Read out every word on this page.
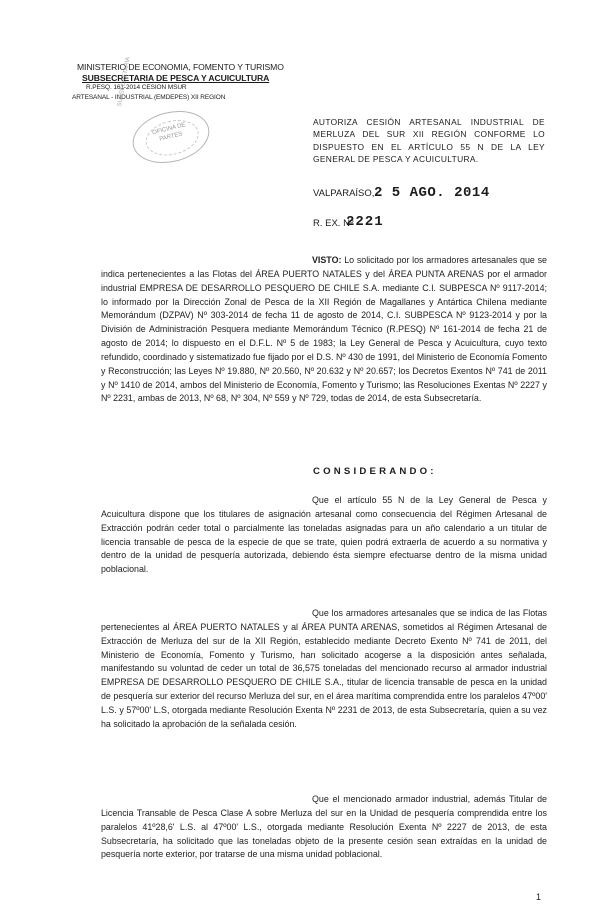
MINISTERIO DE ECONOMIA, FOMENTO Y TURISMO
SUBSECRETARIA DE PESCA Y ACUICULTURA
R.PESQ. 161-2014 CESION MSUR
ARTESANAL - INDUSTRIAL (EMDEPES) XII REGION
OFICINA DE PARTES
SUBSECRETARIA
AUTORIZA CESIÓN ARTESANAL INDUSTRIAL DE MERLUZA DEL SUR XII REGIÓN CONFORME LO DISPUESTO EN EL ARTÍCULO 55 N DE LA LEY GENERAL DE PESCA Y ACUICULTURA.
VALPARAÍSO, 2 5 AGO. 2014
R. EX. Nº
2221
VISTO: Lo solicitado por los armadores artesanales que se indica pertenecientes a las Flotas del ÁREA PUERTO NATALES y del ÁREA PUNTA ARENAS por el armador industrial EMPRESA DE DESARROLLO PESQUERO DE CHILE S.A. mediante C.I. SUBPESCA Nº 9117-2014; lo informado por la Dirección Zonal de Pesca de la XII Región de Magallanes y Antártica Chilena mediante Memorándum (DZPAV) Nº 303-2014 de fecha 11 de agosto de 2014, C.I. SUBPESCA Nº 9123-2014 y por la División de Administración Pesquera mediante Memorándum Técnico (R.PESQ) Nº 161-2014 de fecha 21 de agosto de 2014; lo dispuesto en el D.F.L. Nº 5 de 1983; la Ley General de Pesca y Acuicultura, cuyo texto refundido, coordinado y sistematizado fue fijado por el D.S. Nº 430 de 1991, del Ministerio de Economía Fomento y Reconstrucción; las Leyes Nº 19.880, Nº 20.560, Nº 20.632 y Nº 20.657; los Decretos Exentos Nº 741 de 2011 y Nº 1410 de 2014, ambos del Ministerio de Economía, Fomento y Turismo; las Resoluciones Exentas Nº 2227 y Nº 2231, ambas de 2013, Nº 68, Nº 304, Nº 559 y Nº 729, todas de 2014, de esta Subsecretaría.
CONSIDERANDO:
Que el artículo 55 N de la Ley General de Pesca y Acuicultura dispone que los titulares de asignación artesanal como consecuencia del Régimen Artesanal de Extracción podrán ceder total o parcialmente las toneladas asignadas para un año calendario a un titular de licencia transable de pesca de la especie de que se trate, quien podrá extraerla de acuerdo a su normativa y dentro de la unidad de pesquería autorizada, debiendo ésta siempre efectuarse dentro de la misma unidad poblacional.
Que los armadores artesanales que se indica de las Flotas pertenecientes al ÁREA PUERTO NATALES y al ÁREA PUNTA ARENAS, sometidos al Régimen Artesanal de Extracción de Merluza del sur de la XII Región, establecido mediante Decreto Exento Nº 741 de 2011, del Ministerio de Economía, Fomento y Turismo, han solicitado acogerse a la disposición antes señalada, manifestando su voluntad de ceder un total de 36,575 toneladas del mencionado recurso al armador industrial EMPRESA DE DESARROLLO PESQUERO DE CHILE S.A., titular de licencia transable de pesca en la unidad de pesquería sur exterior del recurso Merluza del sur, en el área marítima comprendida entre los paralelos 47º00' L.S. y 57º00' L.S, otorgada mediante Resolución Exenta Nº 2231 de 2013, de esta Subsecretaría, quien a su vez ha solicitado la aprobación de la señalada cesión.
Que el mencionado armador industrial, además Titular de Licencia Transable de Pesca Clase A sobre Merluza del sur en la Unidad de pesquería comprendida entre los paralelos 41º28,6' L.S. al 47º00' L.S., otorgada mediante Resolución Exenta Nº 2227 de 2013, de esta Subsecretaría, ha solicitado que las toneladas objeto de la presente cesión sean extraídas en la unidad de pesquería norte exterior, por tratarse de una misma unidad poblacional.
1
